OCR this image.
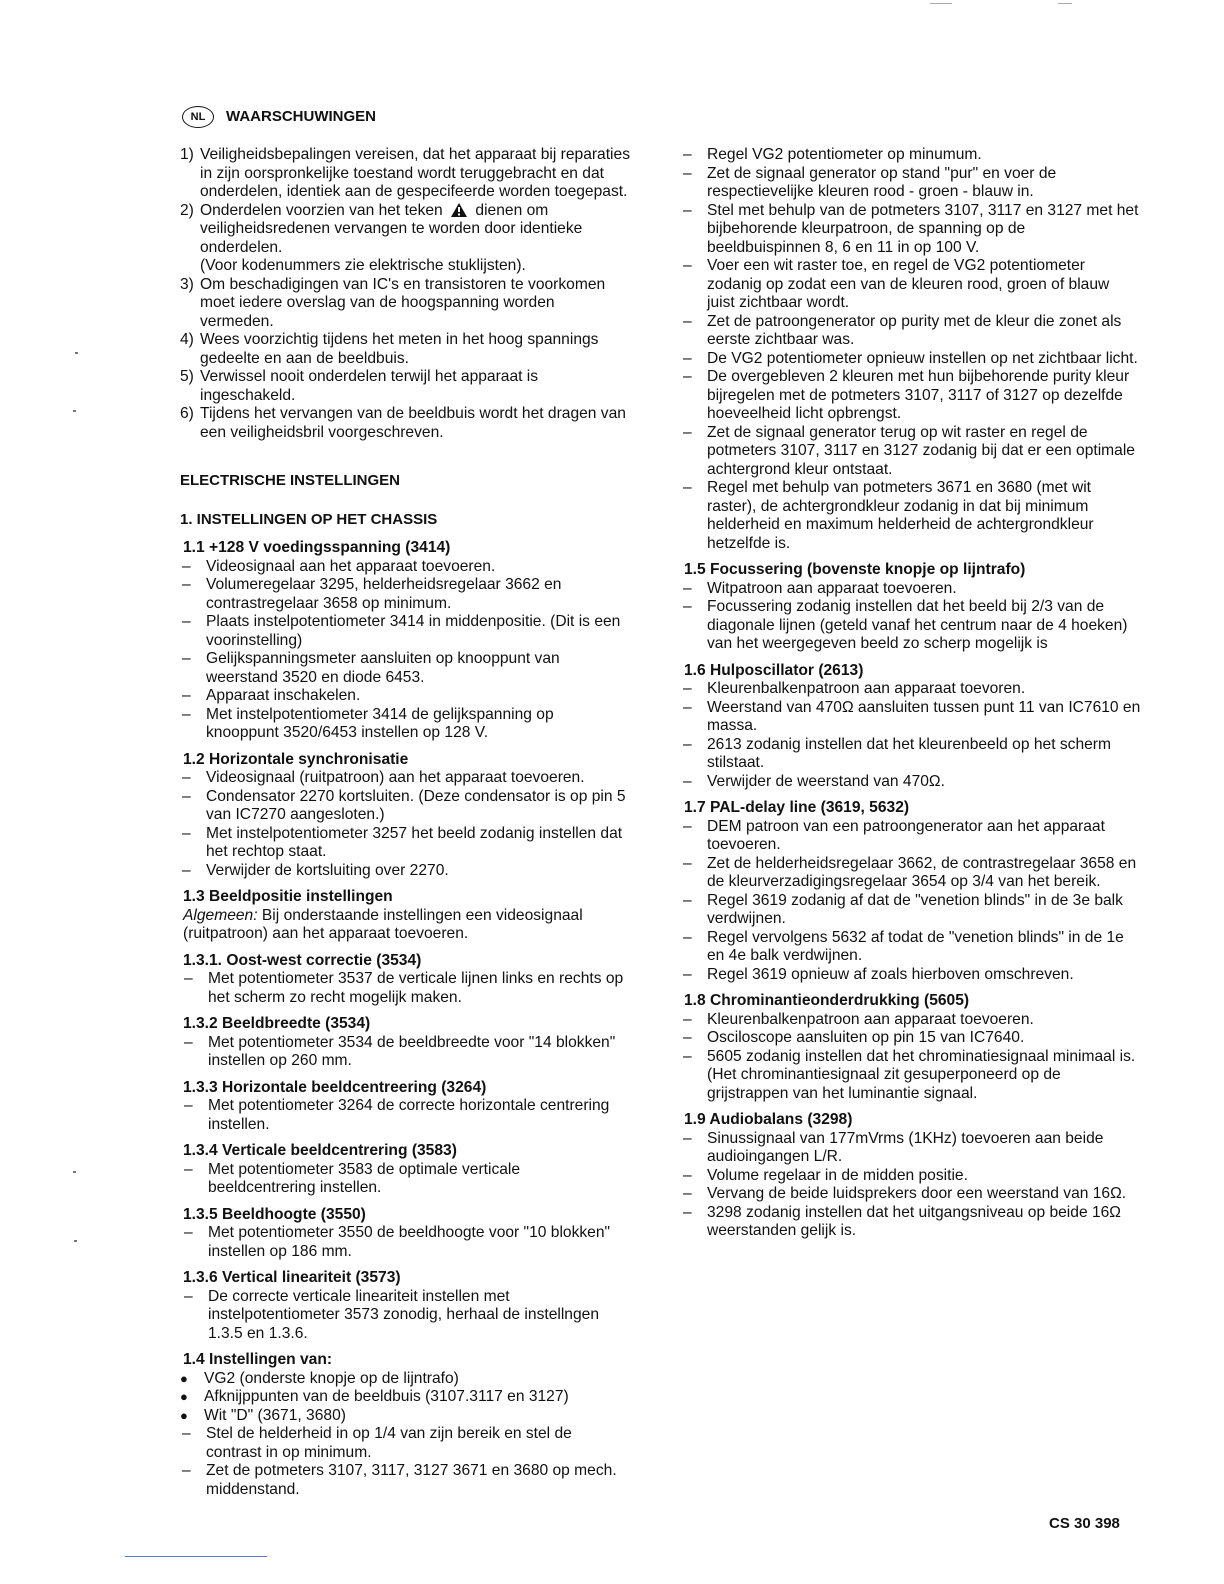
NL	WAARSCHUWINGEN
1) Veiligheidsbepalingen vereisen, dat het apparaat bij reparaties in zijn oorspronkelijke toestand wordt teruggebracht en dat onderdelen, identiek aan de gespecifeerde worden toegepast.
2) Onderdelen voorzien van het teken dienen om veiligheidsredenen vervangen te worden door identieke onderdelen.
(Voor kodenummers zie elektrische stuklijsten).
3) Om beschadigingen van IC's en transistoren te voorkomen moet iedere overslag van de hoogspanning worden vermeden.
4) Wees voorzichtig tijdens het meten in het hoog spannings gedeelte en aan de beeldbuis.
5) Verwissel nooit onderdelen terwijl het apparaat is ingeschakeld.
6) Tijdens het vervangen van de beeldbuis wordt het dragen van een veiligheidsbril voorgeschreven.
ELECTRISCHE INSTELLINGEN
1. INSTELLINGEN OP HET CHASSIS
1.1 +128 V voedingsspanning (3414)
– Videosignaal aan het apparaat toevoeren.
– Volumeregelaar 3295, helderheidsregelaar 3662 en contrastregelaar 3658 op minimum.
– Plaats instelpotentiometer 3414 in middenpositie. (Dit is een voorinstelling)
– Gelijkspanningsmeter aansluiten op knooppunt van weerstand 3520 en diode 6453.
– Apparaat inschakelen.
– Met instelpotentiometer 3414 de gelijkspanning op knooppunt 3520/6453 instellen op 128 V.
1.2 Horizontale synchronisatie
– Videosignaal (ruitpatroon) aan het apparaat toevoeren.
– Condensator 2270 kortsluiten. (Deze condensator is op pin 5 van IC7270 aangesloten.)
– Met instelpotentiometer 3257 het beeld zodanig instellen dat het rechtop staat.
– Verwijder de kortsluiting over 2270.
1.3 Beeldpositie instellingen
Algemeen: Bij onderstaande instellingen een videosignaal (ruitpatroon) aan het apparaat toevoeren.
1.3.1. Oost-west correctie (3534)
– Met potentiometer 3537 de verticale lijnen links en rechts op het scherm zo recht mogelijk maken.
1.3.2 Beeldbreedte (3534)
– Met potentiometer 3534 de beeldbreedte voor "14 blokken" instellen op 260 mm.
1.3.3 Horizontale beeldcentreering (3264)
– Met potentiometer 3264 de correcte horizontale centrering instellen.
1.3.4 Verticale beeldcentrering (3583)
– Met potentiometer 3583 de optimale verticale beeldcentrering instellen.
1.3.5 Beeldhoogte (3550)
– Met potentiometer 3550 de beeldhoogte voor "10 blokken" instellen op 186 mm.
1.3.6 Vertical lineariteit (3573)
– De correcte verticale lineariteit instellen met instelpotentiometer 3573 zonodig, herhaal de instellngen 1.3.5 en 1.3.6.
1.4 Instellingen van:
●	VG2 (onderste knopje op de lijntrafo)
●	Afknijppunten van de beeldbuis (3107.3117 en 3127)
●	Wit "D" (3671, 3680)
– Stel de helderheid in op 1/4 van zijn bereik en stel de contrast in op minimum.
– Zet de potmeters 3107, 3117, 3127 3671 en 3680 op mech. middenstand.
– Regel VG2 potentiometer op minumum.
– Zet de signaal generator op stand "pur" en voer de respectievelijke kleuren rood - groen - blauw in.
– Stel met behulp van de potmeters 3107, 3117 en 3127 met het bijbehorende kleurpatroon, de spanning op de beeldbuispinnen 8, 6 en 11 in op 100 V.
– Voer een wit raster toe, en regel de VG2 potentiometer zodanig op zodat een van de kleuren rood, groen of blauw juist zichtbaar wordt.
– Zet de patroongenerator op purity met de kleur die zonet als eerste zichtbaar was.
– De VG2 potentiometer opnieuw instellen op net zichtbaar licht.
– De overgebleven 2 kleuren met hun bijbehorende purity kleur bijregelen met de potmeters 3107, 3117 of 3127 op dezelfde hoeveelheid licht opbrengst.
– Zet de signaal generator terug op wit raster en regel de potmeters 3107, 3117 en 3127 zodanig bij dat er een optimale achtergrond kleur ontstaat.
– Regel met behulp van potmeters 3671 en 3680 (met wit raster), de achtergrondkleur zodanig in dat bij minimum helderheid en maximum helderheid de achtergrondkleur hetzelfde is.
1.5 Focussering (bovenste knopje op lijntrafo)
– Witpatroon aan apparaat toevoeren.
– Focussering zodanig instellen dat het beeld bij 2/3 van de diagonale lijnen (geteld vanaf het centrum naar de 4 hoeken) van het weergegeven beeld zo scherp mogelijk is
1.6 Hulposcillator (2613)
– Kleurenbalkenpatroon aan apparaat toevoren.
– Weerstand van 470Ω aansluiten tussen punt 11 van IC7610 en massa.
– 2613 zodanig instellen dat het kleurenbeeld op het scherm stilstaat.
– Verwijder de weerstand van 470Ω.
1.7 PAL-delay line (3619, 5632)
– DEM patroon van een patroongenerator aan het apparaat toevoeren.
– Zet de helderheidsregelaar 3662, de contrastregelaar 3658 en de kleurverzadigingsregelaar 3654 op 3/4 van het bereik.
– Regel 3619 zodanig af dat de "venetion blinds" in de 3e balk verdwijnen.
– Regel vervolgens 5632 af todat de "venetion blinds" in de 1e en 4e balk verdwijnen.
– Regel 3619 opnieuw af zoals hierboven omschreven.
1.8 Chrominantieonderdrukking (5605)
– Kleurenbalkenpatroon aan apparaat toevoeren.
– Osciloscope aansluiten op pin 15 van IC7640.
– 5605 zodanig instellen dat het chrominatiesignaal minimaal is. (Het chrominantiesignaal zit gesuperponeerd op de grijstrappen van het luminantie signaal.
1.9 Audiobalans (3298)
– Sinussignaal van 177mVrms (1KHz) toevoeren aan beide audioingangen L/R.
– Volume regelaar in de midden positie.
– Vervang de beide luidsprekers door een weerstand van 16Ω.
– 3298 zodanig instellen dat het uitgangsniveau op beide 16Ω weerstanden gelijk is.
CS 30 398
